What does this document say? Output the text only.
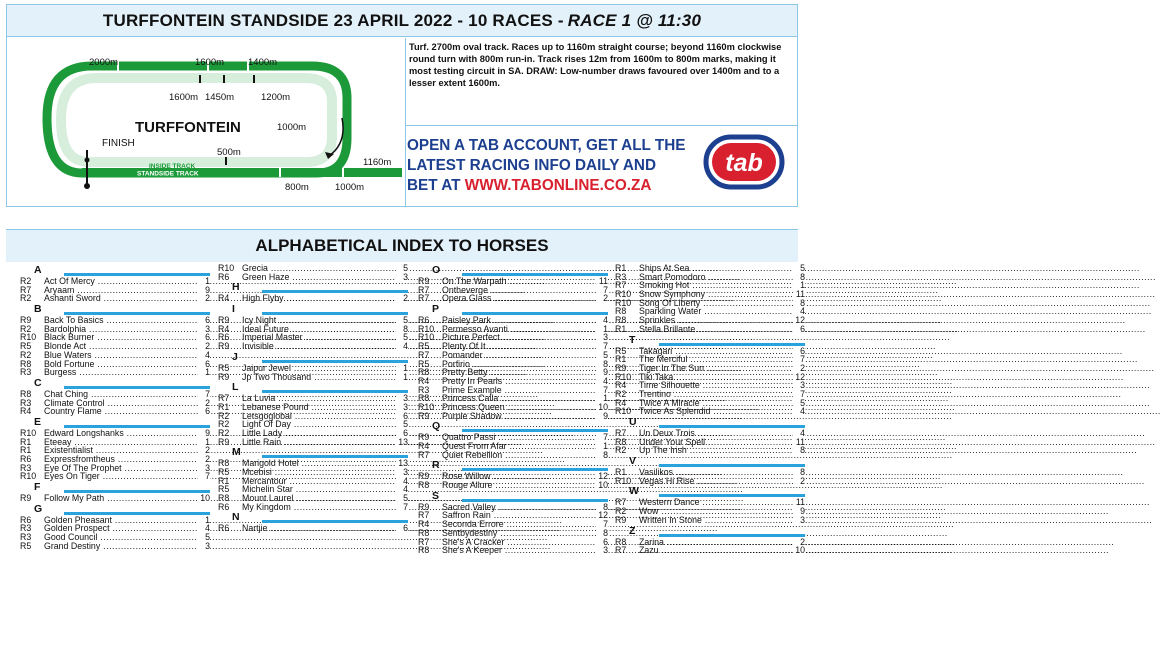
TURFFONTEIN STANDSIDE 23 APRIL 2022 - 10 RACES - RACE 1 @ 11:30
2000m	1600m	1400m
1600m 1450m	1200m
1000m
500m
1160m
800m	1000m
TURFFONTEIN
FINISH
INSIDE TRACK
STANDSIDE TRACK
Turf. 2700m oval track. Races up to 1160m straight course; beyond 1160m clockwise round turn with 800m run-in. Track rises 12m from 1600m to 800m marks, making it most testing circuit in SA. DRAW: Low-number draws favoured over 1400m and to a lesser extent 1600m.
OPEN A TAB ACCOUNT, GET ALL THE
LATEST RACING INFO DAILY AND
BET AT WWW.TABONLINE.CO.ZA
tab
ALPHABETICAL INDEX TO HORSES
A
R2	Act Of Mercy .....	1
R7	Aryaam .....	9
R2	Ashanti Sword .....	2
B
R9	Back To Basics .....	6
R2	Bardolphia .....	3
R10 Black Burner .....	6
R5	Blonde Act .....	2
R2	Blue Waters .....	4
R8	Bold Fortune .....	6
R3	Burgess .....	1
C
R8	Chat Ching .....	7
R3	Climate Control .....	2
R4	Country Flame .....	6
E
R10 Edward Longshanks .....	9
R1	Eteeay .....	1
R1	Existentialist .....	2
R6	Expressfromtheus .....	2
R3	Eye Of The Prophet .....	3
R10 Eyes On Tiger .....	7
F
R9	Follow My Path .....	10
G
R6	Golden Pheasant .....	1
R3	Golden Prospect .....	4
R3	Good Council .....	5
R5	Grand Destiny .....	3
R10 Grecia .....	5
R6	Green Haze .....	3
H
R4	High Flyby .....	2
I
R9	Icy Night .....	5
R4	Ideal Future .....	8
R6	Imperial Master .....	5
R9	Invisible .....	4
J
R5	Jaipur Jewel .....	1
R9	Jp Two Thousand .....	1
L
R7	La Luvia .....	3
R1	Lebanese Pound .....	3
R2	Letsgoglobal .....	6
R2	Light Of Day .....	5
R2	Little Lady .....	6
R9	Little Rain .....	13
M
R8	Marigold Hotel .....	13
R5	Mcebisi .....	3
R1	Mercantour .....	4
R5	Michelin Star .....	4
R8	Mount Laurel .....	5
R6	My Kingdom .....	7
N
R6	Nartjie .....	6
O
R9	On The Warpath .....	11
R7	Ontheverge .....	7
R7	Opera Glass .....	2
P
R6	Paisley Park .....	4
R10 Permesso Avanti .....	1
R10 Picture Perfect .....	3
R5	Plenty Of It .....	7
R7	Pomander .....	5
R5	Porfirio .....	8
R8	Pretty Betty .....	9
R4	Pretty In Pearls .....	4
R3	Prime Example .....	7
R8	Princess Calla .....	1
R10 Princess Queen .....	10
R9	Purple Shadow .....	9
Q
R9	Quattro Passi .....	7
R4	Quest From Afar .....	1
R7	Quiet Rebellion .....	8
R
R9	Rose Willow .....	12
R8	Rouge Allure .....	10
S
R9	Sacred Valley .....	8
R7	Saffron Rain .....	12
R4	Seconda Errore .....	7
R8	Sentbydestiny .....	8
R7	She's A Cracker .....	6
R8	She's A Keeper .....	3
R1	Ships At Sea .....	5
R3	Smart Pomodoro .....	8
R7	Smoking Hot .....	1
R10 Snow Symphony .....	11
R10 Song Of Liberty .....	8
R8	Sparkling Water .....	4
R8	Sprinkles .....	12
R1	Stella Brillante .....	6
T
R5	Takagari .....	6
R1	The Merciful .....	7
R9	Tiger In The Sun .....	2
R10 Tiki Taka .....	12
R4	Time Silhouette .....	3
R2	Trentino .....	7
R4	Twice A Miracle .....	5
R10 Twice As Splendid .....	4
U
R7	Un Deux Trois .....	4
R8	Under Your Spell .....	11
R2	Up The Irish .....	8
V
R1	Vasilikos .....	8
R10 Vegas Hi Rise .....	2
W
R7	Western Dance .....	11
R2	Wow .....	9
R9	Written In Stone .....	3
Z
R8	Zarina .....	2
R7	Zazu .....	10
